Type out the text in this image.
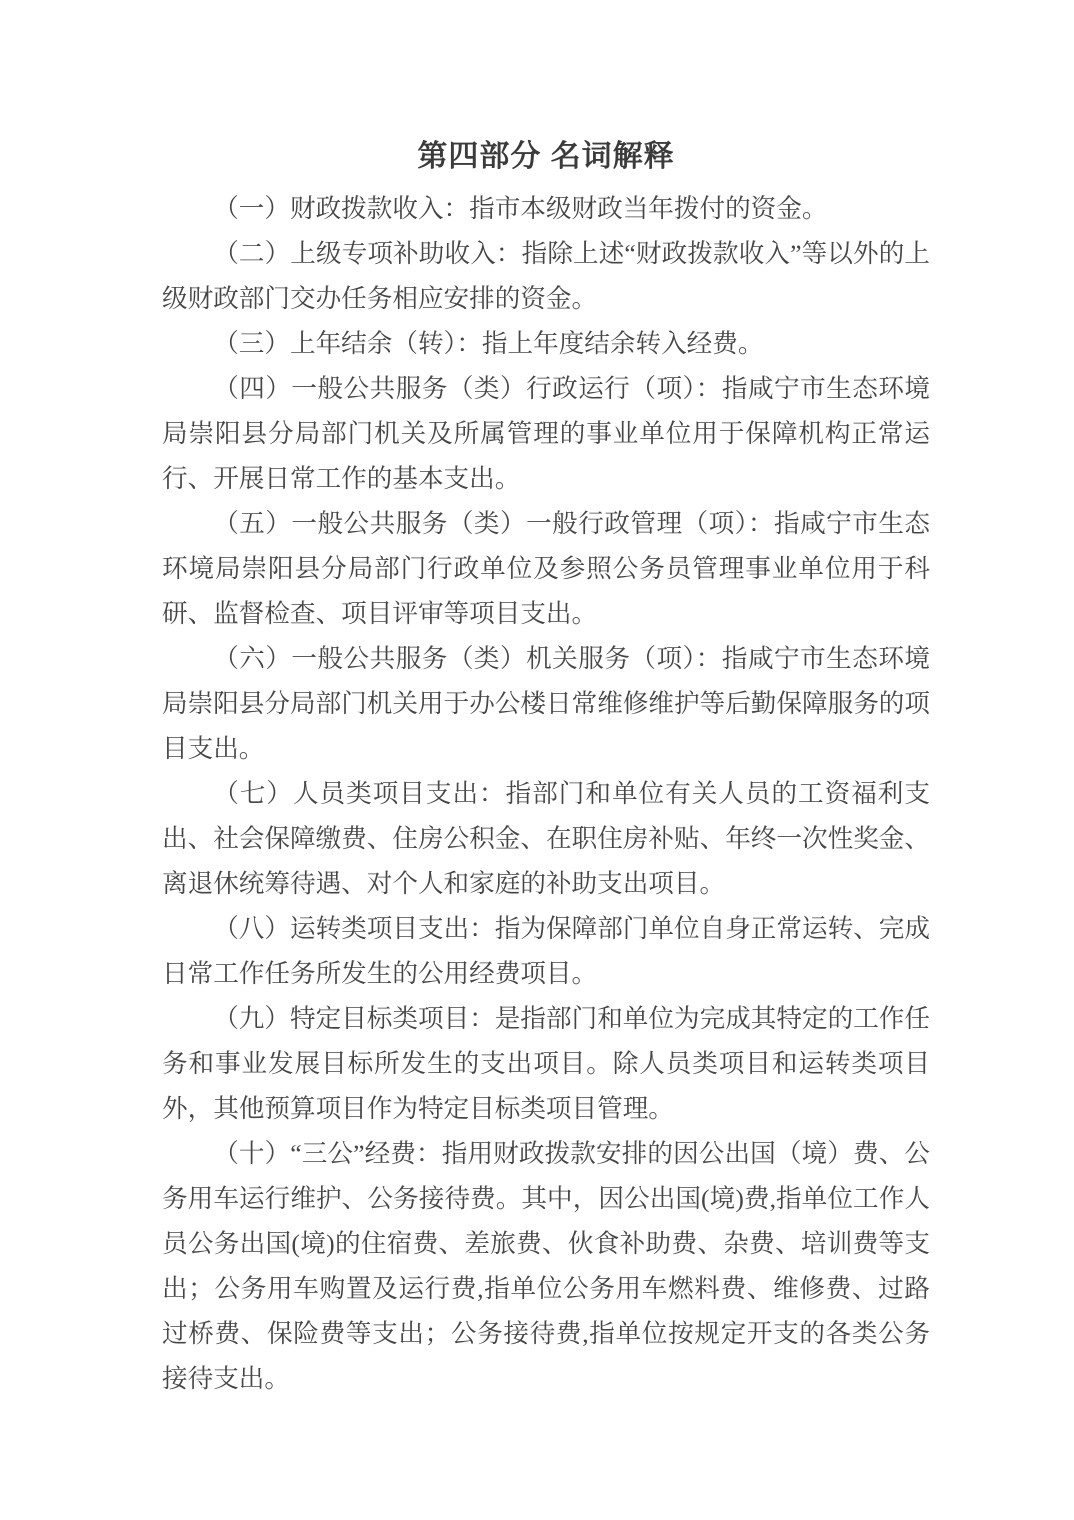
第四部分 名词解释

（一）财政拨款收入：指市本级财政当年拨付的资金。

（二）上级专项补助收入：指除上述“财政拨款收入”等以外的上级财政部门交办任务相应安排的资金。

（三）上年结余（转）：指上年度结余转入经费。

（四）一般公共服务（类）行政运行（项）：指咸宁市生态环境局崇阳县分局部门机关及所属管理的事业单位用于保障机构正常运行、开展日常工作的基本支出。

（五）一般公共服务（类）一般行政管理（项）：指咸宁市生态环境局崇阳县分局部门行政单位及参照公务员管理事业单位用于科研、监督检查、项目评审等项目支出。

（六）一般公共服务（类）机关服务（项）：指咸宁市生态环境局崇阳县分局部门机关用于办公楼日常维修维护等后勤保障服务的项目支出。

（七）人员类项目支出：指部门和单位有关人员的工资福利支出、社会保障缴费、住房公积金、在职住房补贴、年终一次性奖金、离退休统筹待遇、对个人和家庭的补助支出项目。

（八）运转类项目支出：指为保障部门单位自身正常运转、完成日常工作任务所发生的公用经费项目。

（九）特定目标类项目：是指部门和单位为完成其特定的工作任务和事业发展目标所发生的支出项目。除人员类项目和运转类项目外，其他预算项目作为特定目标类项目管理。

（十）“三公”经费：指用财政拨款安排的因公出国（境）费、公务用车运行维护、公务接待费。其中，因公出国(境)费,指单位工作人员公务出国(境)的住宿费、差旅费、伙食补助费、杂费、培训费等支出；公务用车购置及运行费,指单位公务用车燃料费、维修费、过路过桥费、保险费等支出；公务接待费,指单位按规定开支的各类公务接待支出。
